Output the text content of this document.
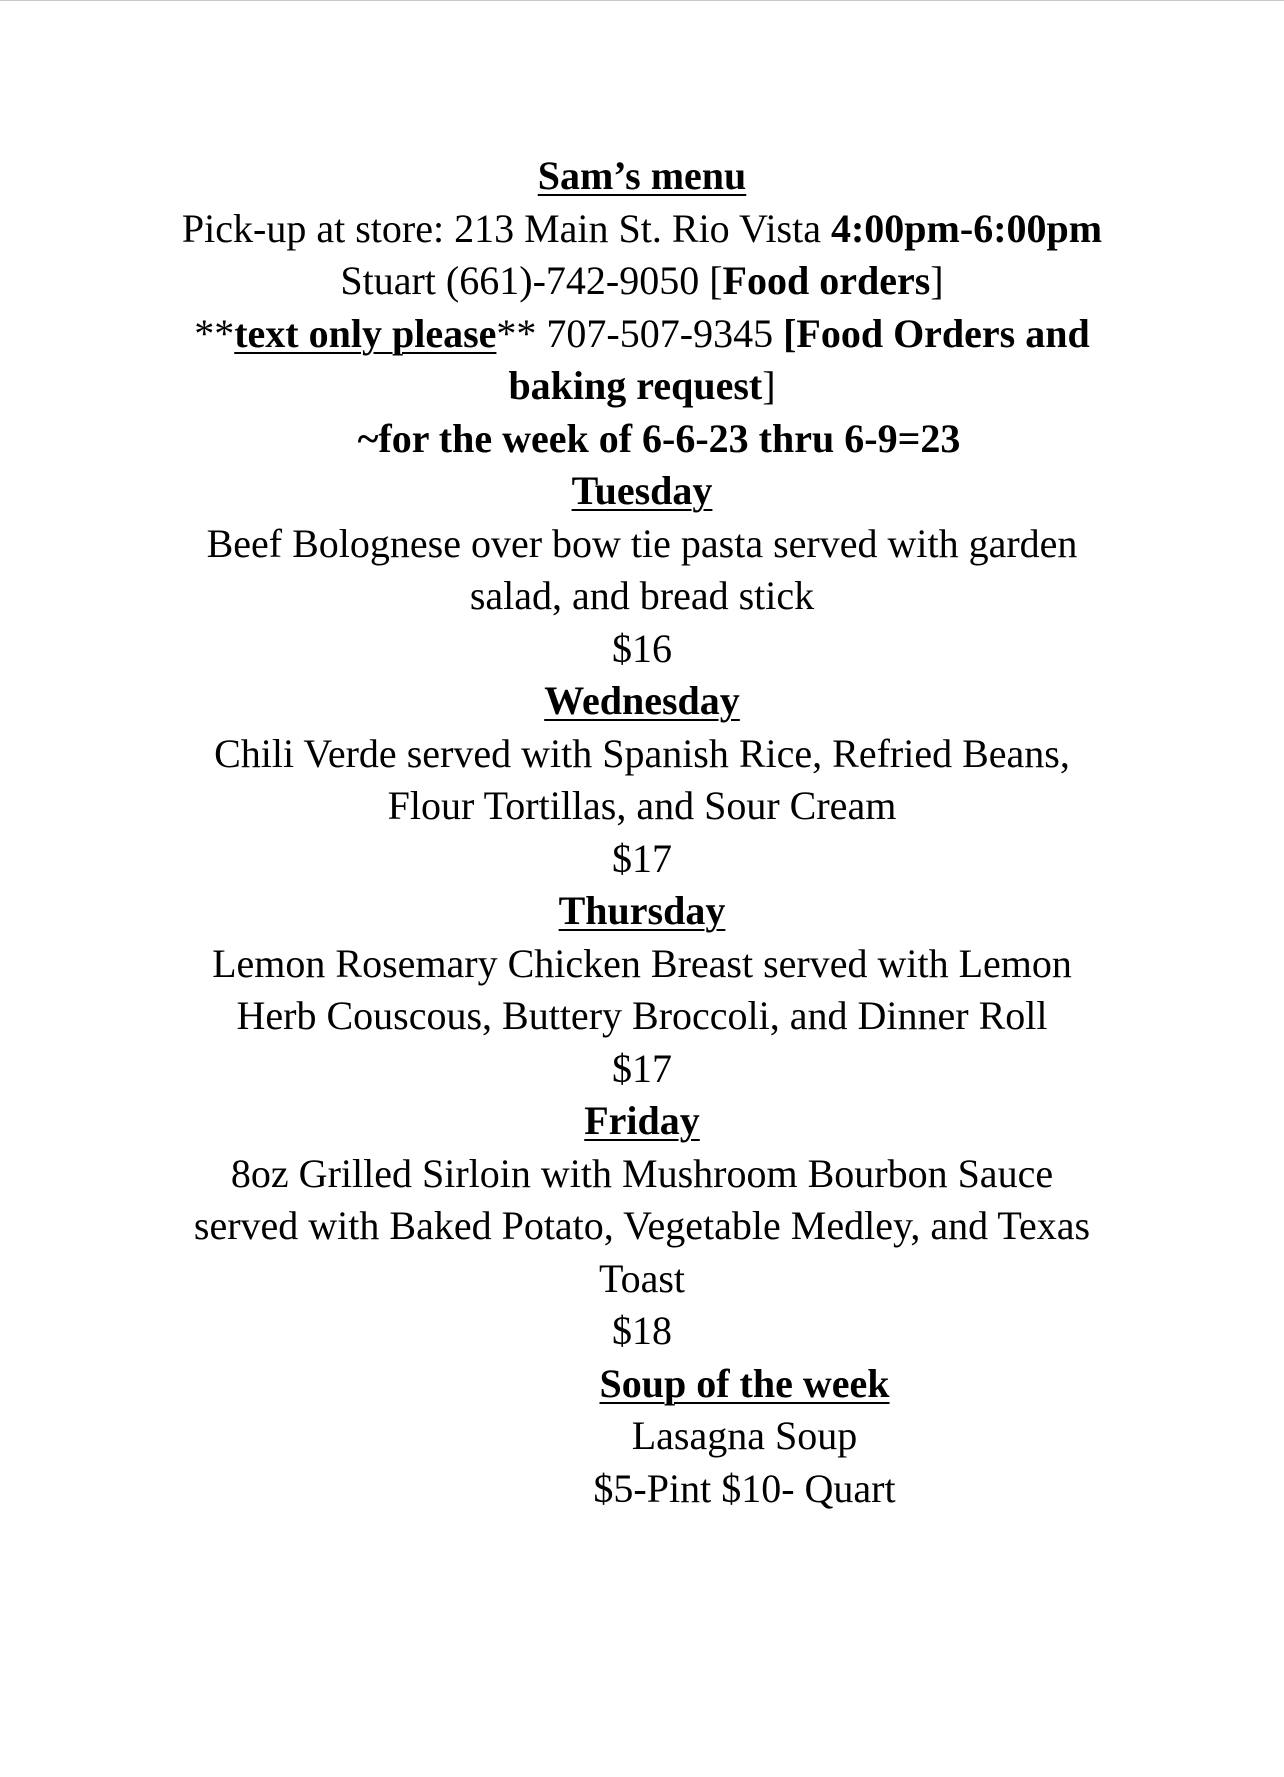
Sam’s menu
Pick-up at store: 213 Main St. Rio Vista 4:00pm-6:00pm
Stuart (661)-742-9050 [Food orders]
**text only please** 707-507-9345 [Food Orders and baking request]
~for the week of 6-6-23 thru 6-9=23
Tuesday
Beef Bolognese over bow tie pasta served with garden salad, and bread stick
$16
Wednesday
Chili Verde served with Spanish Rice, Refried Beans, Flour Tortillas, and Sour Cream
$17
Thursday
Lemon Rosemary Chicken Breast served with Lemon Herb Couscous, Buttery Broccoli, and Dinner Roll
$17
Friday
8oz Grilled Sirloin with Mushroom Bourbon Sauce served with Baked Potato, Vegetable Medley, and Texas Toast
$18
Soup of the week
Lasagna Soup
$5-Pint $10- Quart
